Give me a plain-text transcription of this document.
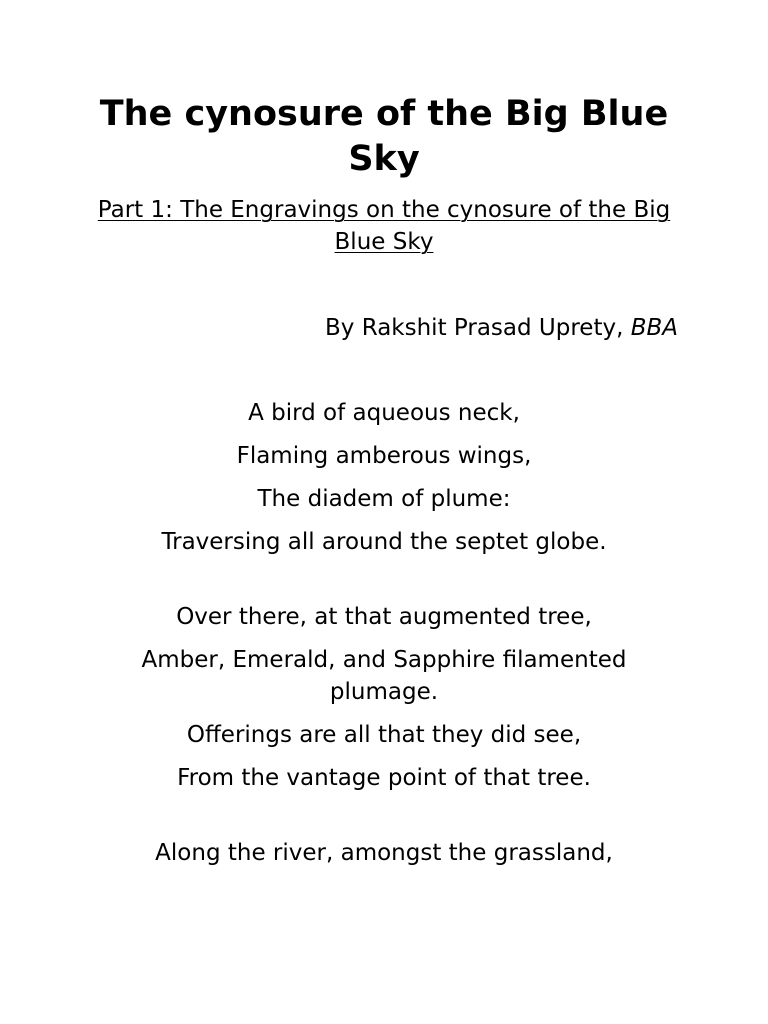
The cynosure of the Big Blue Sky

Part 1: The Engravings on the cynosure of the Big Blue Sky

By Rakshit Prasad Uprety, BBA

A bird of aqueous neck,

Flaming amberous wings,

The diadem of plume:

Traversing all around the septet globe.

Over there, at that augmented tree,

Amber, Emerald, and Sapphire filamented plumage.

Offerings are all that they did see,

From the vantage point of that tree.

Along the river, amongst the grassland,
